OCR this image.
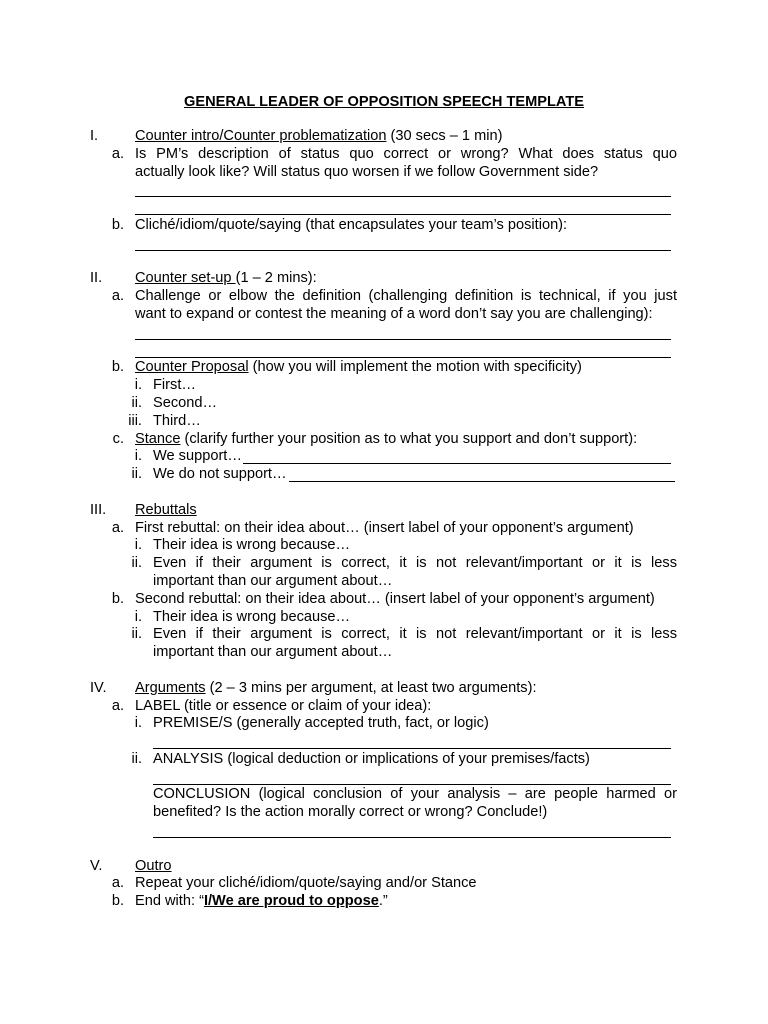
GENERAL LEADER OF OPPOSITION SPEECH TEMPLATE
I.	Counter intro/Counter problematization (30 secs – 1 min)
a. Is PM’s description of status quo correct or wrong? What does status quo
actually look like? Will status quo worsen if we follow Government side?
b. Cliché/idiom/quote/saying (that encapsulates your team’s position):
II.	Counter set-up (1 – 2 mins):
a. Challenge or elbow the definition (challenging definition is technical, if you just
want to expand or contest the meaning of a word don’t say you are challenging):
b. Counter Proposal (how you will implement the motion with specificity)
i. First…
ii. Second…
iii. Third…
c. Stance (clarify further your position as to what you support and don’t support):
i. We support…
ii. We do not support…
III.	Rebuttals
a. First rebuttal: on their idea about… (insert label of your opponent’s argument)
i. Their idea is wrong because…
ii. Even if their argument is correct, it is not relevant/important or it is less
important than our argument about…
b. Second rebuttal: on their idea about… (insert label of your opponent’s argument)
i. Their idea is wrong because…
ii. Even if their argument is correct, it is not relevant/important or it is less
important than our argument about…
IV.	Arguments (2 – 3 mins per argument, at least two arguments):
a. LABEL (title or essence or claim of your idea):
i. PREMISE/S (generally accepted truth, fact, or logic)
ii. ANALYSIS (logical deduction or implications of your premises/facts)
CONCLUSION (logical conclusion of your analysis – are people harmed or
benefited? Is the action morally correct or wrong? Conclude!)
V.	Outro
a. Repeat your cliché/idiom/quote/saying and/or Stance
b. End with: “I/We are proud to oppose.”
